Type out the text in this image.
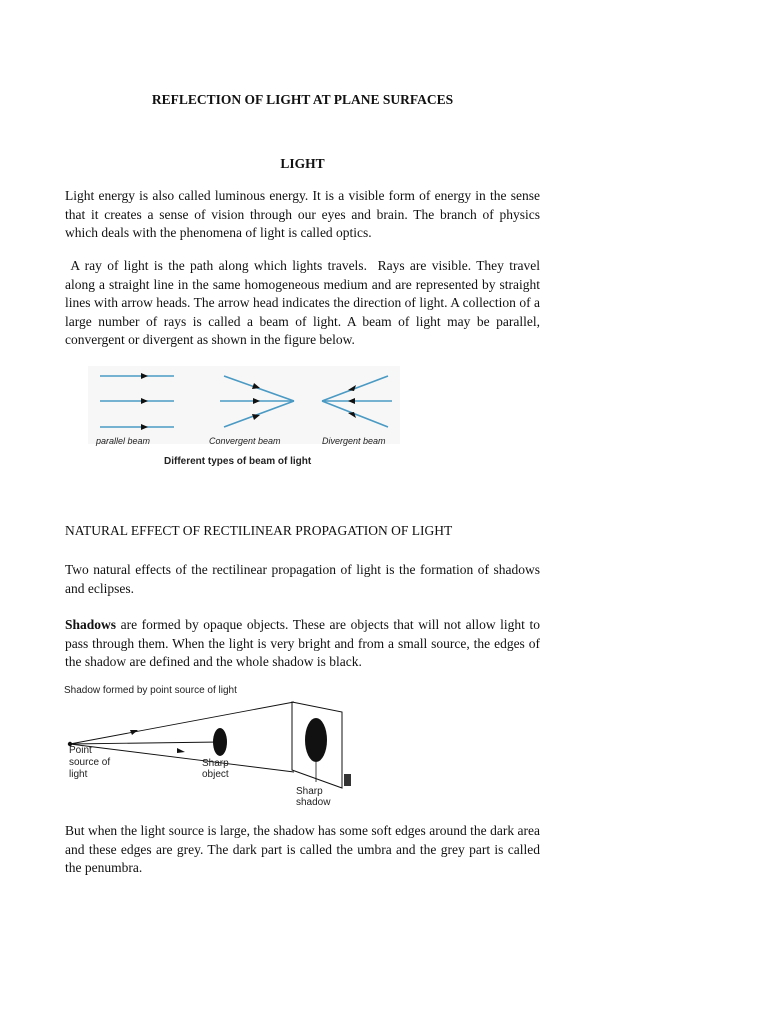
REFLECTION OF LIGHT AT PLANE SURFACES
LIGHT

Light energy is also called luminous energy. It is a visible form of energy in the sense that it creates a sense of vision through our eyes and brain. The branch of physics which deals with the phenomena of light is called optics.

A ray of light is the path along which lights travels.  Rays are visible. They travel along a straight line in the same homogeneous medium and are represented by straight lines with arrow heads. The arrow head indicates the direction of light. A collection of a large number of rays is called a beam of light. A beam of light may be parallel, convergent or divergent as shown in the figure below.

parallel beam	Convergent beam	Divergent beam
Different types of beam of light

NATURAL EFFECT OF RECTILINEAR PROPAGATION OF LIGHT

Two natural effects of the rectilinear propagation of light is the formation of shadows and eclipses.

Shadows are formed by opaque objects. These are objects that will not allow light to pass through them. When the light is very bright and from a small source, the edges of the shadow are defined and the whole shadow is black.

Shadow formed by point source of light
Point source of light
Sharp object
Sharp shadow

But when the light source is large, the shadow has some soft edges around the dark area and these edges are grey. The dark part is called the umbra and the grey part is called the penumbra.
